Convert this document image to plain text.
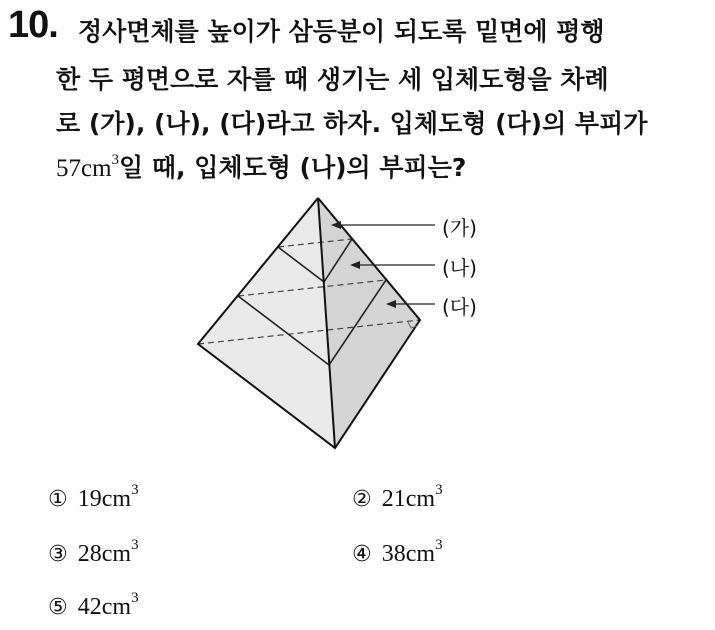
10. 정사면체를 높이가 삼등분이 되도록 밑면에 평행
한 두 평면으로 자를 때 생기는 세 입체도형을 차례
로 (가), (나), (다)라고 하자. 입체도형 (다)의 부피가
$57cm^3$일 때, 입체도형 (나)의 부피는?
(가)
(나)
(다)
① $19cm^3$	② $21cm^3$
③ $28cm^3$	④ $38cm^3$
⑤ $42cm^3$
